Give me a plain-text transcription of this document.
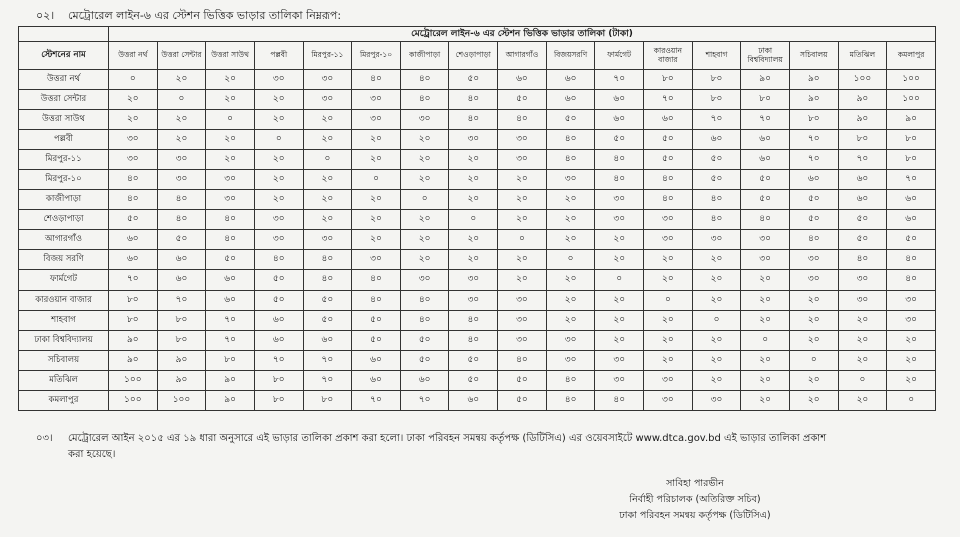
০২। মেট্রোরেল লাইন-৬ এর স্টেশন ভিত্তিক ভাড়ার তালিকা নিম্নরূপ:
	মেট্রোরেল লাইন-৬ এর স্টেশন ভিত্তিক ভাড়ার তালিকা (টাকা)																
স্টেশনের নাম	উত্তরা নর্থ	উত্তরা সেন্টার	উত্তরা সাউথ	পল্লবী	মিরপুর-১১	মিরপুর-১০	কাজীপাড়া	শেওড়াপাড়া	আগারগাঁও	বিজয়সরণি	ফার্মগেট	কারওয়ান বাজার	শাহবাগ	ঢাকা বিশ্ববিদ্যালয়	সচিবালয়	মতিঝিল	কমলাপুর
উত্তরা নর্থ	০	২০	২০	৩০	৩০	৪০	৪০	৫০	৬০	৬০	৭০	৮০	৮০	৯০	৯০	১০০	১০০
উত্তরা সেন্টার	২০	০	২০	২০	৩০	৩০	৪০	৪০	৫০	৬০	৬০	৭০	৮০	৮০	৯০	৯০	১০০
উত্তরা সাউথ	২০	২০	০	২০	২০	৩০	৩০	৪০	৪০	৫০	৬০	৬০	৭০	৭০	৮০	৯০	৯০
পল্লবী	৩০	২০	২০	০	২০	২০	২০	৩০	৩০	৪০	৫০	৫০	৬০	৬০	৭০	৮০	৮০
মিরপুর-১১	৩০	৩০	২০	২০	০	২০	২০	২০	৩০	৪০	৪০	৫০	৫০	৬০	৭০	৭০	৮০
মিরপুর-১০	৪০	৩০	৩০	২০	২০	০	২০	২০	২০	৩০	৪০	৪০	৫০	৫০	৬০	৬০	৭০
কাজীপাড়া	৪০	৪০	৩০	২০	২০	২০	০	২০	২০	২০	৩০	৪০	৪০	৫০	৫০	৬০	৬০
শেওড়াপাড়া	৫০	৪০	৪০	৩০	২০	২০	২০	০	২০	২০	৩০	৩০	৪০	৪০	৫০	৫০	৬০
আগারগাঁও	৬০	৫০	৪০	৩০	৩০	২০	২০	২০	০	২০	২০	৩০	৩০	৩০	৪০	৫০	৫০
বিজয় সরণি	৬০	৬০	৫০	৪০	৪০	৩০	২০	২০	২০	০	২০	২০	২০	৩০	৩০	৪০	৪০
ফার্মগেট	৭০	৬০	৬০	৫০	৪০	৪০	৩০	৩০	২০	২০	০	২০	২০	২০	৩০	৩০	৪০
কারওয়ান বাজার	৮০	৭০	৬০	৫০	৫০	৪০	৪০	৩০	৩০	২০	২০	০	২০	২০	২০	৩০	৩০
শাহবাগ	৮০	৮০	৭০	৬০	৫০	৫০	৪০	৪০	৩০	২০	২০	২০	০	২০	২০	২০	৩০
ঢাকা বিশ্ববিদ্যালয়	৯০	৮০	৭০	৬০	৬০	৫০	৫০	৪০	৩০	৩০	২০	২০	২০	০	২০	২০	২০
সচিবালয়	৯০	৯০	৮০	৭০	৭০	৬০	৫০	৫০	৪০	৩০	৩০	২০	২০	২০	০	২০	২০
মতিঝিল	১০০	৯০	৯০	৮০	৭০	৬০	৬০	৫০	৫০	৪০	৩০	৩০	২০	২০	২০	০	২০
কমলাপুর	১০০	১০০	৯০	৮০	৮০	৭০	৭০	৬০	৫০	৪০	৪০	৩০	৩০	২০	২০	২০	০
০৩। মেট্রোরেল আইন ২০১৫ এর ১৯ ধারা অনুসারে এই ভাড়ার তালিকা প্রকাশ করা হলো। ঢাকা পরিবহন সমন্বয় কর্তৃপক্ষ (ডিটিসিএ) এর ওয়েবসাইটে www.dtca.gov.bd এই ভাড়ার তালিকা প্রকাশ
করা হয়েছে।
সাবিহা পারভীন
নির্বাহী পরিচালক (অতিরিক্ত সচিব)
ঢাকা পরিবহন সমন্বয় কর্তৃপক্ষ (ডিটিসিএ)
